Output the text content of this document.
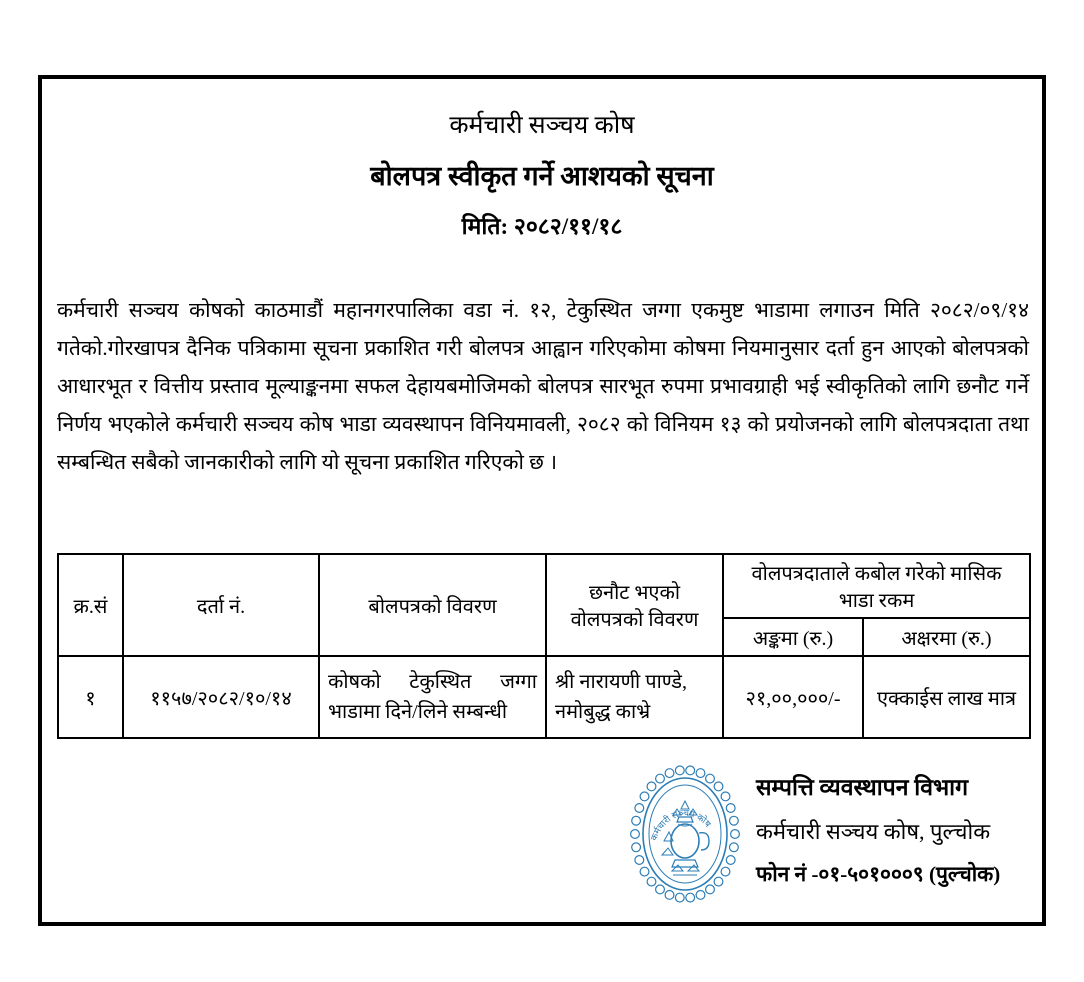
कर्मचारी सञ्चय कोष
बोलपत्र स्वीकृत गर्ने आशयको सूचना
मिति: २०८२/११/१८
कर्मचारी सञ्चय कोषको काठमाडौं महानगरपालिका वडा नं. १२, टेकुस्थित जग्गा एकमुष्ट भाडामा लगाउन मिति २०८२/०९/१४ गतेको.गोरखापत्र दैनिक पत्रिकामा सूचना प्रकाशित गरी बोलपत्र आह्वान गरिएकोमा कोषमा नियमानुसार दर्ता हुन आएको बोलपत्रको आधारभूत र वित्तीय प्रस्ताव मूल्याङ्कनमा सफल देहायबमोजिमको बोलपत्र सारभूत रुपमा प्रभावग्राही भई स्वीकृतिको लागि छनौट गर्ने निर्णय भएकोले कर्मचारी सञ्चय कोष भाडा व्यवस्थापन विनियमावली, २०८२ को विनियम १३ को प्रयोजनको लागि बोलपत्रदाता तथा सम्बन्धित सबैको जानकारीको लागि यो सूचना प्रकाशित गरिएको छ ।
क्र.सं	दर्ता नं.	बोलपत्रको विवरण	छनौट भएको वोलपत्रको विवरण	वोलपत्रदाताले कबोल गरेको मासिक भाडा रकम	
				अङ्कमा (रु.)	अक्षरमा (रु.)
१	११५७/२०८२/१०/१४	कोषको टेकुस्थित जग्गा भाडामा दिने/लिने सम्बन्धी	श्री नारायणी पाण्डे, नमोबुद्ध काभ्रे	२१,००,०००/-	एक्काईस लाख मात्र
कर्मचारी सञ्चय कोष
सम्पत्ति व्यवस्थापन विभाग
कर्मचारी सञ्चय कोष, पुल्चोक
फोन नं -०१-५०१०००९ (पुल्चोक)
